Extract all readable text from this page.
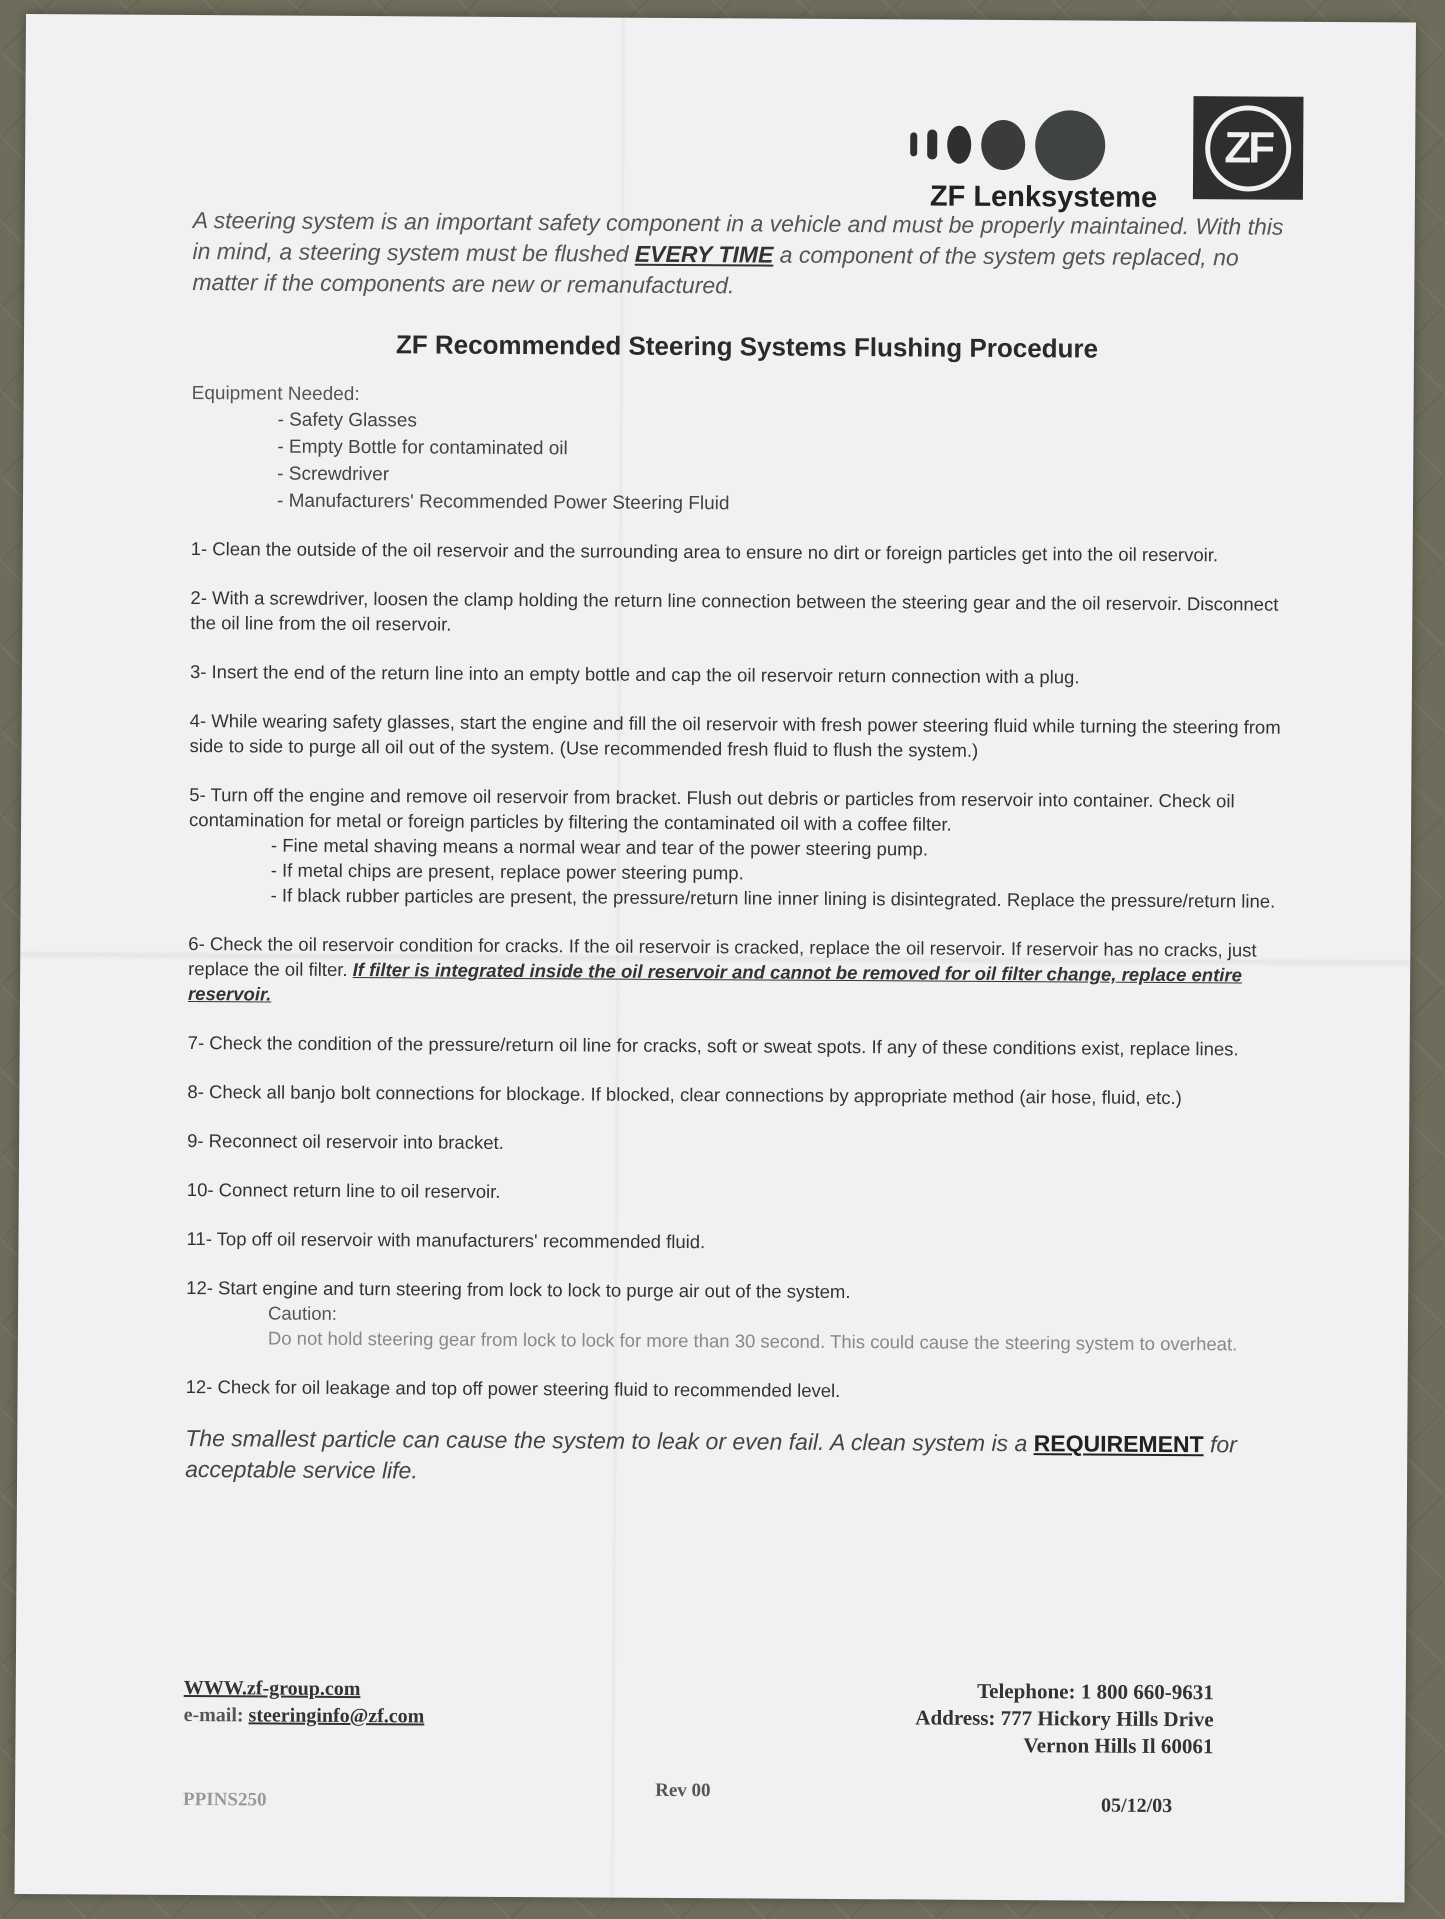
ZF Lenksysteme
ZF

A steering system is an important safety component in a vehicle and must be properly maintained. With this in mind, a steering system must be flushed EVERY TIME a component of the system gets replaced, no matter if the components are new or remanufactured.

ZF Recommended Steering Systems Flushing Procedure

Equipment Needed:

- Safety Glasses
- Empty Bottle for contaminated oil
- Screwdriver
- Manufacturers' Recommended Power Steering Fluid

1- Clean the outside of the oil reservoir and the surrounding area to ensure no dirt or foreign particles get into the oil reservoir.

2- With a screwdriver, loosen the clamp holding the return line connection between the steering gear and the oil reservoir. Disconnect the oil line from the oil reservoir.

3- Insert the end of the return line into an empty bottle and cap the oil reservoir return connection with a plug.

4- While wearing safety glasses, start the engine and fill the oil reservoir with fresh power steering fluid while turning the steering from side to side to purge all oil out of the system. (Use recommended fresh fluid to flush the system.)

5- Turn off the engine and remove oil reservoir from bracket. Flush out debris or particles from reservoir into container. Check oil contamination for metal or foreign particles by filtering the contaminated oil with a coffee filter.
- Fine metal shaving means a normal wear and tear of the power steering pump.
- If metal chips are present, replace power steering pump.
- If black rubber particles are present, the pressure/return line inner lining is disintegrated. Replace the pressure/return line.

6- Check the oil reservoir condition for cracks. If the oil reservoir is cracked, replace the oil reservoir. If reservoir has no cracks, just replace the oil filter. If filter is integrated inside the oil reservoir and cannot be removed for oil filter change, replace entire reservoir.

7- Check the condition of the pressure/return oil line for cracks, soft or sweat spots. If any of these conditions exist, replace lines.

8- Check all banjo bolt connections for blockage. If blocked, clear connections by appropriate method (air hose, fluid, etc.)

9- Reconnect oil reservoir into bracket.

10- Connect return line to oil reservoir.

11- Top off oil reservoir with manufacturers' recommended fluid.

12- Start engine and turn steering from lock to lock to purge air out of the system.
Caution:
Do not hold steering gear from lock to lock for more than 30 second. This could cause the steering system to overheat.

12- Check for oil leakage and top off power steering fluid to recommended level.

The smallest particle can cause the system to leak or even fail. A clean system is a REQUIREMENT for acceptable service life.

WWW.zf-group.com
e-mail: steeringinfo@zf.com
Telephone: 1 800 660-9631
Address: 777 Hickory Hills Drive
Vernon Hills Il 60061
PPINS250	Rev 00
05/12/03
